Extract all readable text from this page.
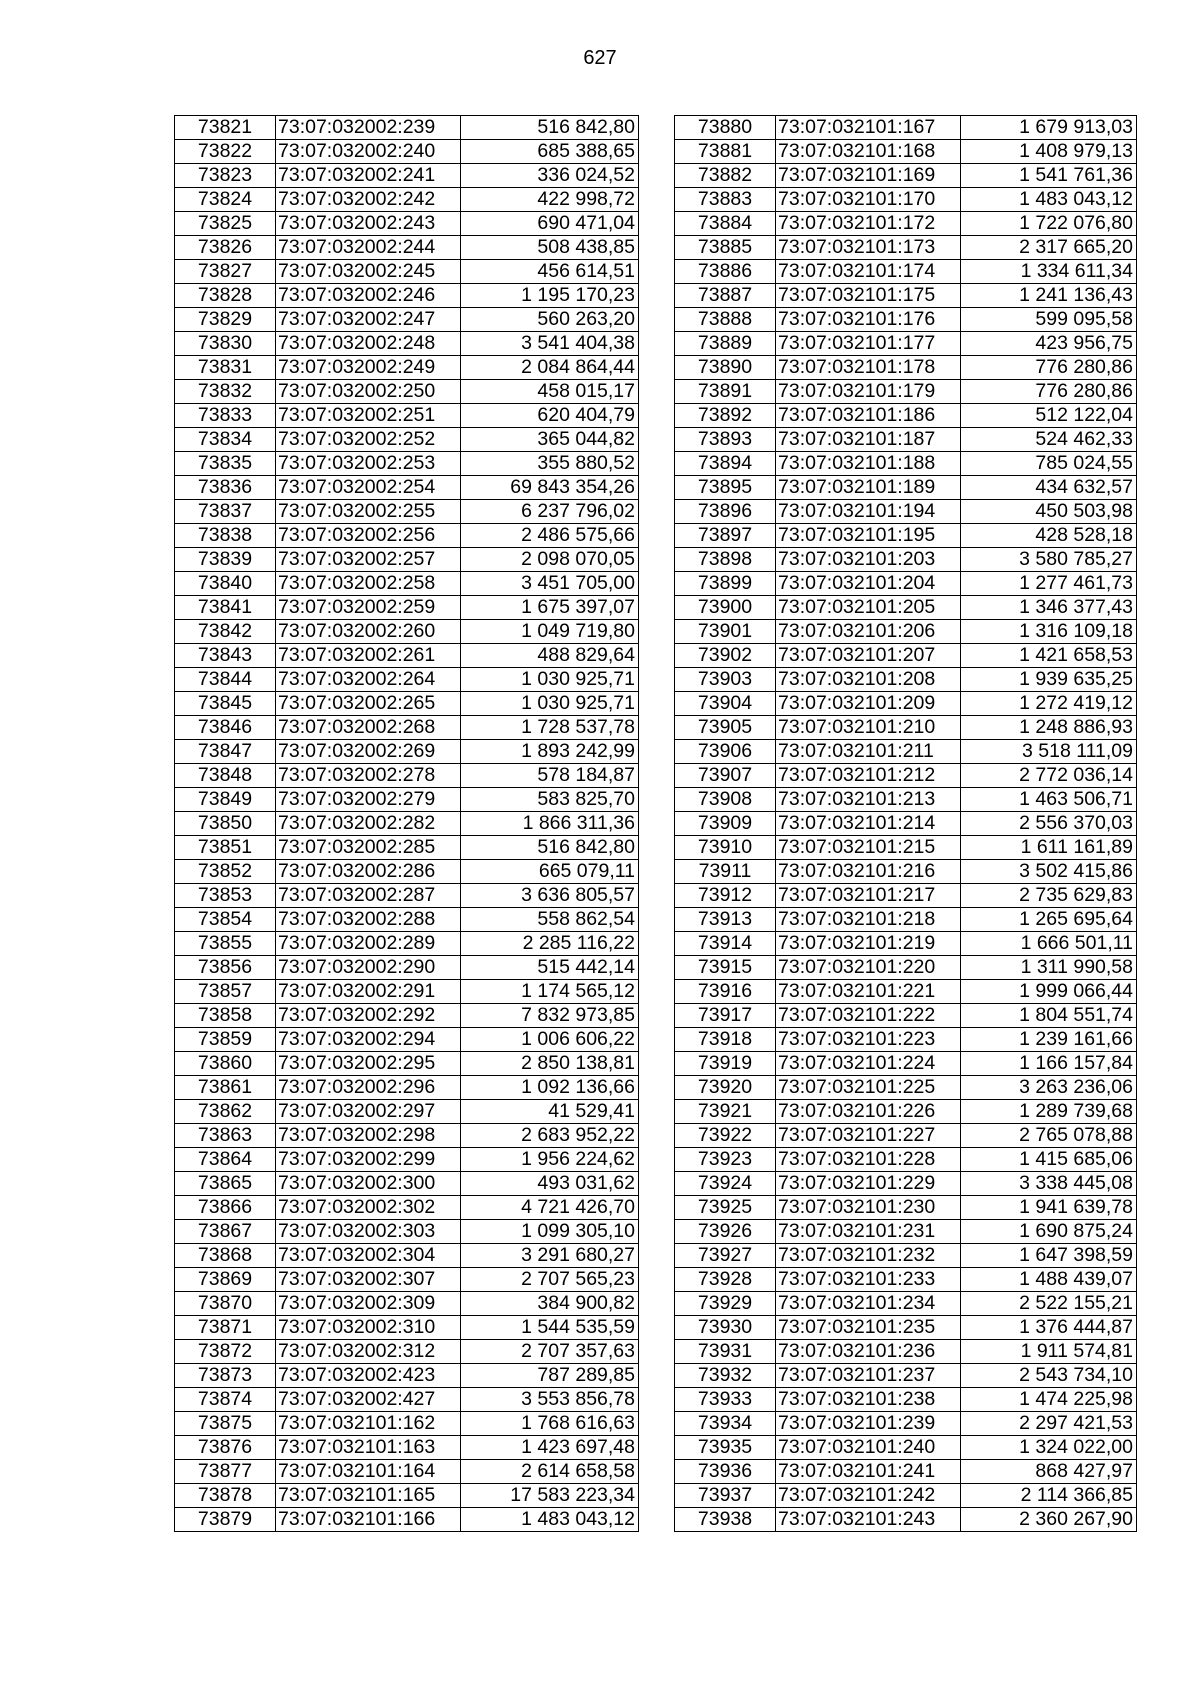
627
73821	73:07:032002:239	516 842,80
73822	73:07:032002:240	685 388,65
73823	73:07:032002:241	336 024,52
73824	73:07:032002:242	422 998,72
73825	73:07:032002:243	690 471,04
73826	73:07:032002:244	508 438,85
73827	73:07:032002:245	456 614,51
73828	73:07:032002:246	1 195 170,23
73829	73:07:032002:247	560 263,20
73830	73:07:032002:248	3 541 404,38
73831	73:07:032002:249	2 084 864,44
73832	73:07:032002:250	458 015,17
73833	73:07:032002:251	620 404,79
73834	73:07:032002:252	365 044,82
73835	73:07:032002:253	355 880,52
73836	73:07:032002:254	69 843 354,26
73837	73:07:032002:255	6 237 796,02
73838	73:07:032002:256	2 486 575,66
73839	73:07:032002:257	2 098 070,05
73840	73:07:032002:258	3 451 705,00
73841	73:07:032002:259	1 675 397,07
73842	73:07:032002:260	1 049 719,80
73843	73:07:032002:261	488 829,64
73844	73:07:032002:264	1 030 925,71
73845	73:07:032002:265	1 030 925,71
73846	73:07:032002:268	1 728 537,78
73847	73:07:032002:269	1 893 242,99
73848	73:07:032002:278	578 184,87
73849	73:07:032002:279	583 825,70
73850	73:07:032002:282	1 866 311,36
73851	73:07:032002:285	516 842,80
73852	73:07:032002:286	665 079,11
73853	73:07:032002:287	3 636 805,57
73854	73:07:032002:288	558 862,54
73855	73:07:032002:289	2 285 116,22
73856	73:07:032002:290	515 442,14
73857	73:07:032002:291	1 174 565,12
73858	73:07:032002:292	7 832 973,85
73859	73:07:032002:294	1 006 606,22
73860	73:07:032002:295	2 850 138,81
73861	73:07:032002:296	1 092 136,66
73862	73:07:032002:297	41 529,41
73863	73:07:032002:298	2 683 952,22
73864	73:07:032002:299	1 956 224,62
73865	73:07:032002:300	493 031,62
73866	73:07:032002:302	4 721 426,70
73867	73:07:032002:303	1 099 305,10
73868	73:07:032002:304	3 291 680,27
73869	73:07:032002:307	2 707 565,23
73870	73:07:032002:309	384 900,82
73871	73:07:032002:310	1 544 535,59
73872	73:07:032002:312	2 707 357,63
73873	73:07:032002:423	787 289,85
73874	73:07:032002:427	3 553 856,78
73875	73:07:032101:162	1 768 616,63
73876	73:07:032101:163	1 423 697,48
73877	73:07:032101:164	2 614 658,58
73878	73:07:032101:165	17 583 223,34
73879	73:07:032101:166	1 483 043,12
73880	73:07:032101:167	1 679 913,03
73881	73:07:032101:168	1 408 979,13
73882	73:07:032101:169	1 541 761,36
73883	73:07:032101:170	1 483 043,12
73884	73:07:032101:172	1 722 076,80
73885	73:07:032101:173	2 317 665,20
73886	73:07:032101:174	1 334 611,34
73887	73:07:032101:175	1 241 136,43
73888	73:07:032101:176	599 095,58
73889	73:07:032101:177	423 956,75
73890	73:07:032101:178	776 280,86
73891	73:07:032101:179	776 280,86
73892	73:07:032101:186	512 122,04
73893	73:07:032101:187	524 462,33
73894	73:07:032101:188	785 024,55
73895	73:07:032101:189	434 632,57
73896	73:07:032101:194	450 503,98
73897	73:07:032101:195	428 528,18
73898	73:07:032101:203	3 580 785,27
73899	73:07:032101:204	1 277 461,73
73900	73:07:032101:205	1 346 377,43
73901	73:07:032101:206	1 316 109,18
73902	73:07:032101:207	1 421 658,53
73903	73:07:032101:208	1 939 635,25
73904	73:07:032101:209	1 272 419,12
73905	73:07:032101:210	1 248 886,93
73906	73:07:032101:211	3 518 111,09
73907	73:07:032101:212	2 772 036,14
73908	73:07:032101:213	1 463 506,71
73909	73:07:032101:214	2 556 370,03
73910	73:07:032101:215	1 611 161,89
73911	73:07:032101:216	3 502 415,86
73912	73:07:032101:217	2 735 629,83
73913	73:07:032101:218	1 265 695,64
73914	73:07:032101:219	1 666 501,11
73915	73:07:032101:220	1 311 990,58
73916	73:07:032101:221	1 999 066,44
73917	73:07:032101:222	1 804 551,74
73918	73:07:032101:223	1 239 161,66
73919	73:07:032101:224	1 166 157,84
73920	73:07:032101:225	3 263 236,06
73921	73:07:032101:226	1 289 739,68
73922	73:07:032101:227	2 765 078,88
73923	73:07:032101:228	1 415 685,06
73924	73:07:032101:229	3 338 445,08
73925	73:07:032101:230	1 941 639,78
73926	73:07:032101:231	1 690 875,24
73927	73:07:032101:232	1 647 398,59
73928	73:07:032101:233	1 488 439,07
73929	73:07:032101:234	2 522 155,21
73930	73:07:032101:235	1 376 444,87
73931	73:07:032101:236	1 911 574,81
73932	73:07:032101:237	2 543 734,10
73933	73:07:032101:238	1 474 225,98
73934	73:07:032101:239	2 297 421,53
73935	73:07:032101:240	1 324 022,00
73936	73:07:032101:241	868 427,97
73937	73:07:032101:242	2 114 366,85
73938	73:07:032101:243	2 360 267,90
